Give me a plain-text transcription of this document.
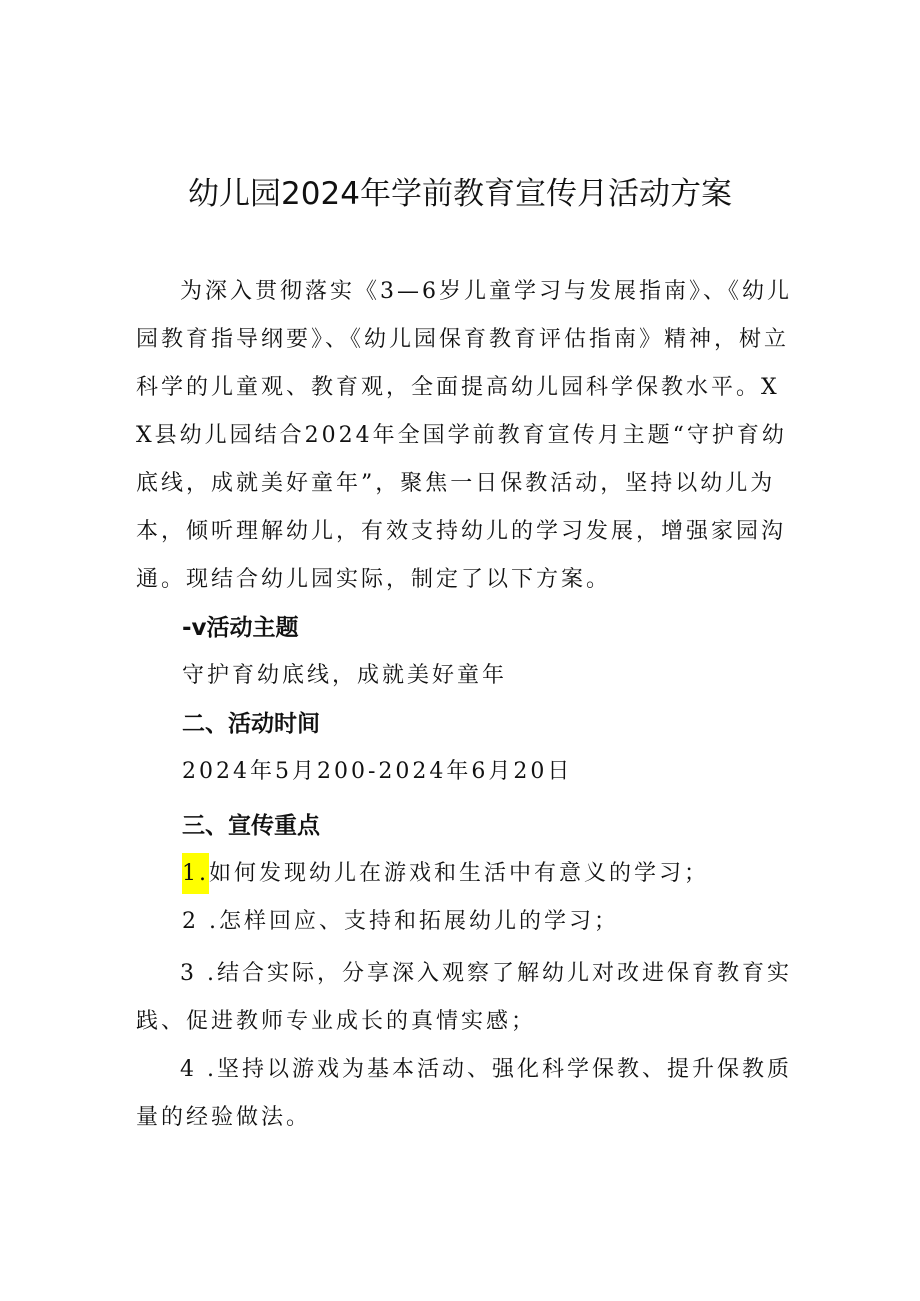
幼儿园2024年学前教育宣传月活动方案

为深入贯彻落实《3—6岁儿童学习与发展指南》、《幼儿园教育指导纲要》、《幼儿园保育教育评估指南》精神，树立科学的儿童观、教育观，全面提高幼儿园科学保教水平。XX县幼儿园结合2024年全国学前教育宣传月主题“守护育幼底线，成就美好童年”，聚焦一日保教活动，坚持以幼儿为本，倾听理解幼儿，有效支持幼儿的学习发展，增强家园沟通。现结合幼儿园实际，制定了以下方案。

-v活动主题

守护育幼底线，成就美好童年

二、活动时间

2024年5月200-2024年6月20日

三、宣传重点

1.如何发现幼儿在游戏和生活中有意义的学习；

2 .怎样回应、支持和拓展幼儿的学习；

3 .结合实际，分享深入观察了解幼儿对改进保育教育实践、促进教师专业成长的真情实感；

4 .坚持以游戏为基本活动、强化科学保教、提升保教质量的经验做法。
